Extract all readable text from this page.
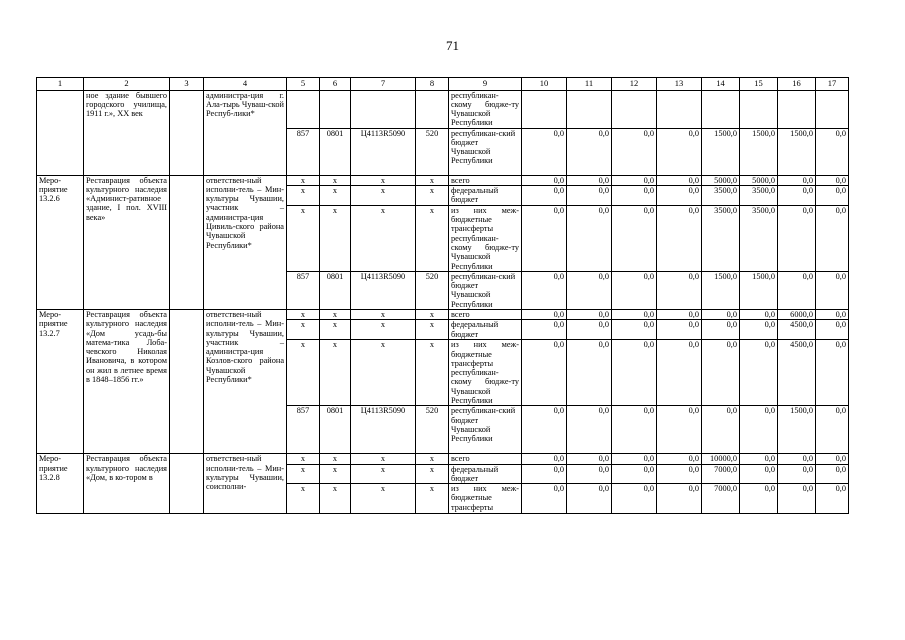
71
1	2	3	4	5	6	7	8	9	10	11	12	13	14	15	16	17
	ное здание бывшего городского училища, 1911 г.», XX век		администра-ция г. Ала-тырь Чуваш-ской Респуб-лики*					республикан-скому бюдже-ту Чувашской Республики								
				857	0801	Ц4113R5090	520	республикан-ский бюджет Чувашской Республики	0,0	0,0	0,0	0,0	1500,0	1500,0	1500,0	0,0
Меро-приятие 13.2.6	Реставрация объекта культурного наследия «Админист-ративное здание, I пол. XVIII века»		ответствен-ный исполни-тель – Мин-культуры Чувашии, участник – администра-ция Цивиль-ского района Чувашской Республики*	x	x	x	x	всего	0,0	0,0	0,0	0,0	5000,0	5000,0	0,0	0,0
				x	x	x	x	федеральный бюджет	0,0	0,0	0,0	0,0	3500,0	3500,0	0,0	0,0
				x	x	x	x	из них меж-бюджетные трансферты республикан-скому бюдже-ту Чувашской Республики	0,0	0,0	0,0	0,0	3500,0	3500,0	0,0	0,0
				857	0801	Ц4113R5090	520	республикан-ский бюджет Чувашской Республики	0,0	0,0	0,0	0,0	1500,0	1500,0	0,0	0,0
Меро-приятие 13.2.7	Реставрация объекта культурного наследия «Дом усадь-бы матема-тика Лоба-чевского Николая Ивановича, в котором он жил в летнее время в 1848–1856 гг.»		ответствен-ный исполни-тель – Мин-культуры Чувашии, участник – администра-ция Козлов-ского района Чувашской Республики*	x	x	x	x	всего	0,0	0,0	0,0	0,0	0,0	0,0	6000,0	0,0
				x	x	x	x	федеральный бюджет	0,0	0,0	0,0	0,0	0,0	0,0	4500,0	0,0
				x	x	x	x	из них меж-бюджетные трансферты республикан-скому бюдже-ту Чувашской Республики	0,0	0,0	0,0	0,0	0,0	0,0	4500,0	0,0
				857	0801	Ц4113R5090	520	республикан-ский бюджет Чувашской Республики	0,0	0,0	0,0	0,0	0,0	0,0	1500,0	0,0
Меро-приятие 13.2.8	Реставрация объекта культурного наследия «Дом, в ко-тором в		ответствен-ный исполни-тель – Мин-культуры Чувашии, соисполни-	x	x	x	x	всего	0,0	0,0	0,0	0,0	10000,0	0,0	0,0	0,0
				x	x	x	x	федеральный бюджет	0,0	0,0	0,0	0,0	7000,0	0,0	0,0	0,0
				x	x	x	x	из них меж-бюджетные трансферты	0,0	0,0	0,0	0,0	7000,0	0,0	0,0	0,0
